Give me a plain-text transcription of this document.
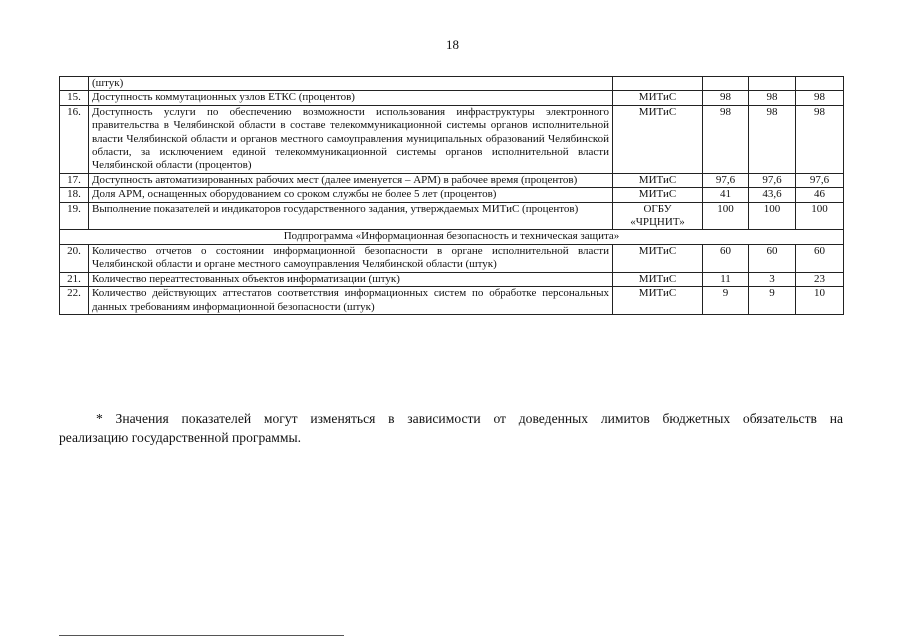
18
	(штук)				
15.	Доступность коммутационных узлов ЕТКС (процентов)	МИТиС	98	98	98
16.	Доступность услуги по обеспечению возможности использования инфраструктуры электронного правительства в Челябинской области в составе телекоммуникационной системы органов исполнительной власти Челябинской области и органов местного самоуправления муниципальных образований Челябинской области, за исключением единой телекоммуникационной системы органов исполнительной власти Челябинской области (процентов)	МИТиС	98	98	98
17.	Доступность автоматизированных рабочих мест (далее именуется – АРМ) в рабочее время (процентов)	МИТиС	97,6	97,6	97,6
18.	Доля АРМ, оснащенных оборудованием со сроком службы не более 5 лет (процентов)	МИТиС	41	43,6	46
19.	Выполнение показателей и индикаторов государственного задания, утверждаемых МИТиС (процентов)	ОГБУ «ЧРЦНИТ»	100	100	100
Подпрограмма «Информационная безопасность и техническая защита»					
20.	Количество отчетов о состоянии информационной безопасности в органе исполнительной власти Челябинской области и органе местного самоуправления Челябинской области (штук)	МИТиС	60	60	60
21.	Количество переаттестованных объектов информатизации (штук)	МИТиС	11	3	23
22.	Количество действующих аттестатов соответствия информационных систем по обработке персональных данных требованиям информационной безопасности (штук)	МИТиС	9	9	10
* Значения показателей могут изменяться в зависимости от доведенных лимитов бюджетных обязательств на
реализацию государственной программы.
